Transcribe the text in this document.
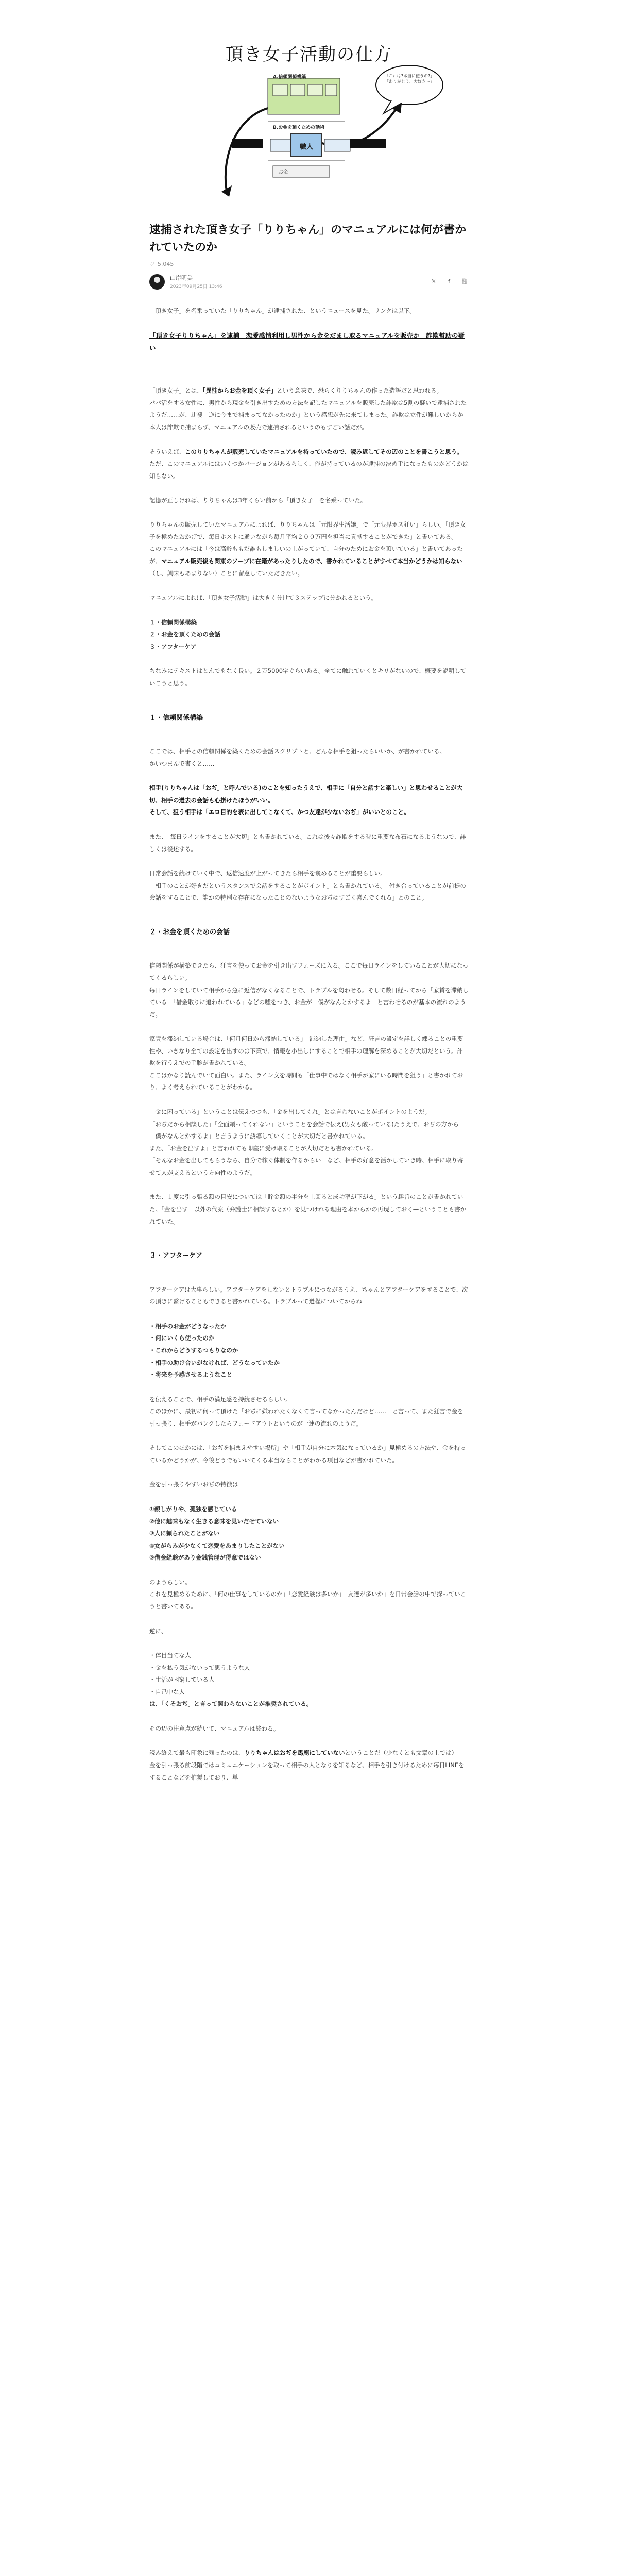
頂き女子活動の仕方
A.信頼関係構築
B.お金を頂くための話術
お金
職人
「これは?本当に使うの?」「ありがとう、大好き〜」
逮捕された頂き女子「りりちゃん」のマニュアルには何が書かれていたのか
♡ 5,045
山岸明美
2023年09月25日 13:46
𝕏	f	⛓

「頂き女子」を名乗っていた「りりちゃん」が逮捕された、というニュースを見た。リンクは以下。

「頂き女子りりちゃん」を逮捕　恋愛感情利用し男性から金をだまし取るマニュアルを販売か　詐欺幇助の疑い

「頂き女子」とは、「異性からお金を頂く女子」という意味で、恐らくりりちゃんの作った造語だと思われる。
パパ活をする女性に、男性から現金を引き出すための方法を記したマニュアルを販売した詐欺は5割の疑いで逮捕されたようだ……が、辻褄「逆に今まで捕まってなかったのか」という感想が先に来てしまった。詐欺は立件が難しいからか本人は詐欺で捕まらず、マニュアルの販売で逮捕されるというのもすごい話だが。

そういえば、このりりちゃんが販売していたマニュアルを持っていたので、読み返してその辺のことを書こうと思う。ただ、このマニュアルにはいくつかバージョンがあるらしく、俺が持っているのが逮捕の決め手になったものかどうかは知らない。

記憶が正しければ、りりちゃんは3年くらい前から「頂き女子」を名乗っていた。

りりちゃんの販売していたマニュアルによれば、りりちゃんは「元限界生活嬢」で「元限界ホス狂い」らしい。「頂き女子を極めたおかげで、毎日ホストに通いながら毎月平均２００万円を担当に貢献することができた」と書いてある。
このマニュアルには「今は高齢ももだ誰もしましいの上がっていて、自分のためにお金を頂いている」と書いてあったが、マニュアル販売後も関東のソープに在籍があったりしたので、書かれていることがすべて本当かどうかは知らない（し、興味もあまりない）ことに留意していただきたい。

マニュアルによれば、「頂き女子活動」は大きく分けて３ステップに分かれるという。

１・信頼関係構築
２・お金を頂くための会話
３・アフターケア

ちなみにテキストはとんでもなく長い。２万5000字ぐらいある。全てに触れていくとキリがないので、概要を説明していこうと思う。

１・信頼関係構築

ここでは、相手との信頼関係を築くための会話スクリプトと、どんな相手を狙ったらいいか、が書かれている。
かいつまんで書くと……

相手(りりちゃんは「おぢ」と呼んでいる)のことを知ったうえで、相手に「自分と話すと楽しい」と思わせることが大切、相手の過去の会話も心掛けたほうがいい。
そして、狙う相手は「エロ目的を表に出してこなくて、かつ友達が少ないおぢ」がいいとのこと。

また、「毎日ラインをすることが大切」とも書かれている。これは後々詐欺をする時に重要な布石になるようなので、詳しくは後述する。

日常会話を続けていく中で、返信速度が上がってきたら相手を褒めることが重要らしい。
「相手のことが好きだというスタンスで会話をすることがポイント」とも書かれている。「付き合っていることが前提の会話をすることで、誰かの特別な存在になったことのないようなおぢはすごく喜んでくれる」とのこと。

２・お金を頂くための会話

信頼関係が構築できたら、狂言を使ってお金を引き出すフェーズに入る。ここで毎日ラインをしていることが大切になってくるらしい。
毎日ラインをしていて相手から急に返信がなくなることで、トラブルを匂わせる。そして数日経ってから「家賃を滞納している」「借金取りに追われている」などの嘘をつき、お金が「僕がなんとかするよ」と言わせるのが基本の流れのようだ。

家賃を滞納している場合は、「何月何日から滞納している」「滞納した理由」など、狂言の設定を詳しく練ることの重要性や、いきなり全ての設定を出すのは下策で、情報を小出しにすることで相手の理解を深めることが大切だという。詐欺を行うえでの手腕が書かれている。
ここはかなり読んでいて面白い。また、ライン文を時間も「仕事中ではなく相手が家にいる時間を狙う」と書かれており、よく考えられていることがわかる。

「金に困っている」ということは伝えつつも、「金を出してくれ」とは言わないことがポイントのようだ。
「おぢだから相談した」「全面頼ってくれない」ということを会話で伝え(男女も酸っている)たうえで、おぢの方から「僕がなんとかするよ」と言うように誘導していくことが大切だと書かれている。
また、「お金を出すよ」と言われても即座に受け取ることが大切だとも書かれている。
「そんなお金を出してもらうなら、自分で稼ぐ体制を作るからい」など、相手の好意を活かしていき時、相手に取り寄せて人が支えるという方向性のようだ。

また、１度に引っ張る額の目安については「貯金額の半分を上回ると成功率が下がる」という趣旨のことが書かれていた。「金を出す」以外の代案（弁護士に相談するとか）を見つけれる理由を本からかの再現しておく—ということも書かれていた。

３・アフターケア

アフターケアは大事らしい。アフターケアをしないとトラブルにつながるうえ、ちゃんとアフターケアをすることで、次の頂きに繋げることもできると書かれている。トラブルって過程についてからね

・相手のお金がどうなったか
・何にいくら使ったのか
・これからどうするつもりなのか
・相手の助け合いがなければ、どうなっていたか
・将来を予感させるようなこと

を伝えることで、相手の満足感を持続させるらしい。
このほかに、最初に何って頂けた「おぢに嫌われたくなくて言ってなかったんだけど……」と言って、また狂言で金を引っ張り、相手がパンクしたらフェードアウトというのが一連の流れのようだ。

そしてこのほかには、「おぢを捕まえやすい場所」や「相手が自分に本気になっているか」見極めるの方法や、金を持っているかどうかが、今後どうでもいいてくる本当ならことがわかる項目などが書かれていた。

金を引っ張りやすいおぢの特徴は

①親しがりや、孤独を感じている
②他に趣味もなく生きる意味を見いだせていない
③人に頼られたことがない
④女がらみが少なくて恋愛をあまりしたことがない
⑤借金経験があり金銭管理が得意ではない

のようらしい。
これを見極めるために、「何の仕事をしているのか」「恋愛経験は多いか」「友達が多いか」を日常会話の中で探っていこうと書いてある。

逆に、

・体目当てな人
・金を払う気がないって思うような人
・生活が困窮している人
・自己中な人
は、「くそおぢ」と言って関わらないことが推奨されている。

その辺の注意点が続いて、マニュアルは終わる。

読み終えて最も印象に残ったのは、りりちゃんはおぢを馬鹿にしていないということだ（少なくとも文章の上では）
金を引っ張る前段階ではコミュニケーションを取って相手の人となりを知るなど、相手を引き付けるために毎日LINEをすることなどを推奨しており、単
